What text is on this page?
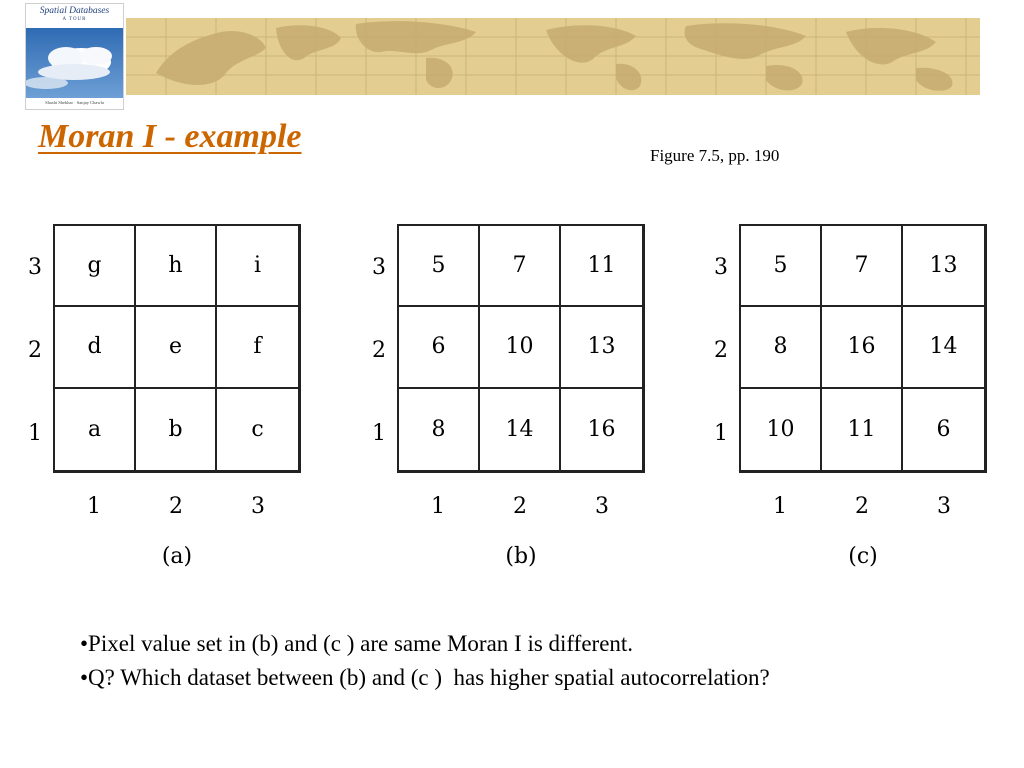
Spatial Databases
A TOUR
Shashi Shekhar · Sanjay Chawla
Moran I - example
Figure 7.5, pp. 190
3
2
1
g	h	i
d	e	f
a	b	c
1	2	3
(a)
3
2
1
5	7	11
6	10	13
8	14	16
1	2	3
(b)
3
2
1
5	7	13
8	16	14
10	11	6
1	2	3
(c)
•Pixel value set in (b) and (c ) are same Moran I is different.
•Q? Which dataset between (b) and (c )  has higher spatial autocorrelation?
